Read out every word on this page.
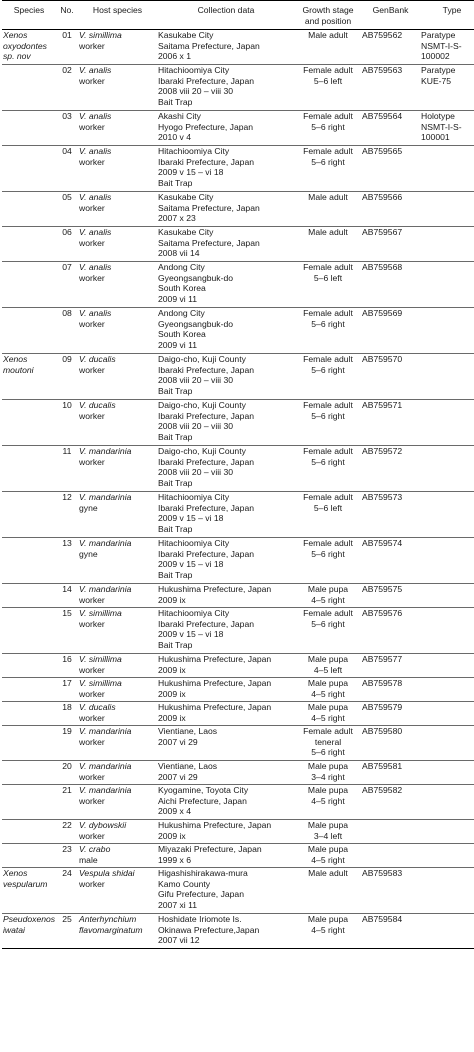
Species	No.	Host species	Collection data	Growth stage
and position	GenBank	Type

Xenos
oxyodontes
sp. nov	01	V. simillima
worker	Kasukabe City
Saitama Prefecture, Japan
2006 x 1	Male adult	AB759562	Paratype
NSMT-I-S-
100002

	02	V. analis
worker	Hitachioomiya City
Ibaraki Prefecture, Japan
2008 viii 20 – viii 30
Bait Trap	Female adult
5–6 left	AB759563	Paratype
KUE-75

	03	V. analis
worker	Akashi City
Hyogo Prefecture, Japan
2010 v 4	Female adult
5–6 right	AB759564	Holotype
NSMT-I-S-
100001

	04	V. analis
worker	Hitachioomiya City
Ibaraki Prefecture, Japan
2009 v 15 – vi 18
Bait Trap	Female adult
5–6 right	AB759565	
	05	V. analis
worker	Kasukabe City
Saitama Prefecture, Japan
2007 x 23	Male adult	AB759566	
	06	V. analis
worker	Kasukabe City
Saitama Prefecture, Japan
2008 vii 14	Male adult	AB759567	
	07	V. analis
worker	Andong City
Gyeongsangbuk-do
South Korea
2009 vi 11	Female adult
5–6 left	AB759568	
	08	V. analis
worker	Andong City
Gyeongsangbuk-do
South Korea
2009 vi 11	Female adult
5–6 right	AB759569	

Xenos
moutoni	09	V. ducalis
worker	Daigo-cho, Kuji County
Ibaraki Prefecture, Japan
2008 viii 20 – viii 30
Bait Trap	Female adult
5–6 right	AB759570	
	10	V. ducalis
worker	Daigo-cho, Kuji County
Ibaraki Prefecture, Japan
2008 viii 20 – viii 30
Bait Trap	Female adult
5–6 right	AB759571	
	11	V. mandarinia
worker	Daigo-cho, Kuji County
Ibaraki Prefecture, Japan
2008 viii 20 – viii 30
Bait Trap	Female adult
5–6 right	AB759572	
	12	V. mandarinia
gyne	Hitachioomiya City
Ibaraki Prefecture, Japan
2009 v 15 – vi 18
Bait Trap	Female adult
5–6 left	AB759573	
	13	V. mandarinia
gyne	Hitachioomiya City
Ibaraki Prefecture, Japan
2009 v 15 – vi 18
Bait Trap	Female adult
5–6 right	AB759574	
	14	V. mandarinia
worker	Hukushima Prefecture, Japan
2009 ix	Male pupa
4–5 right	AB759575	
	15	V. simillima
worker	Hitachioomiya City
Ibaraki Prefecture, Japan
2009 v 15 – vi 18
Bait Trap	Female adult
5–6 right	AB759576	
	16	V. simillima
worker	Hukushima Prefecture, Japan
2009 ix	Male pupa
4–5 left	AB759577	
	17	V. simillima
worker	Hukushima Prefecture, Japan
2009 ix	Male pupa
4–5 right	AB759578	
	18	V. ducalis
worker	Hukushima Prefecture, Japan
2009 ix	Male pupa
4–5 right	AB759579	
	19	V. mandarinia
worker	Vientiane, Laos
2007 vi 29	Female adult
teneral
5–6 right	AB759580	
	20	V. mandarinia
worker	Vientiane, Laos
2007 vi 29	Male pupa
3–4 right	AB759581	
	21	V. mandarinia
worker	Kyogamine, Toyota City
Aichi Prefecture, Japan
2009 x 4	Male pupa
4–5 right	AB759582	
	22	V. dybowskii
worker	Hukushima Prefecture, Japan
2009 ix	Male pupa
3–4 left		

	23	V. crabo
male	Miyazaki Prefecture, Japan
1999 x 6	Male pupa
4–5 right		

Xenos
vespularum	24	Vespula shidai
worker	Higashishirakawa-mura
Kamo County
Gifu Prefecture, Japan
2007 xi 11	Male adult	AB759583	

Pseudoxenos
iwatai	25	Anterhynchium flavomarginatum	Hoshidate Iriomote Is.
Okinawa Prefecture,Japan
2007 vii 12	Male pupa
4–5 right	AB759584	
